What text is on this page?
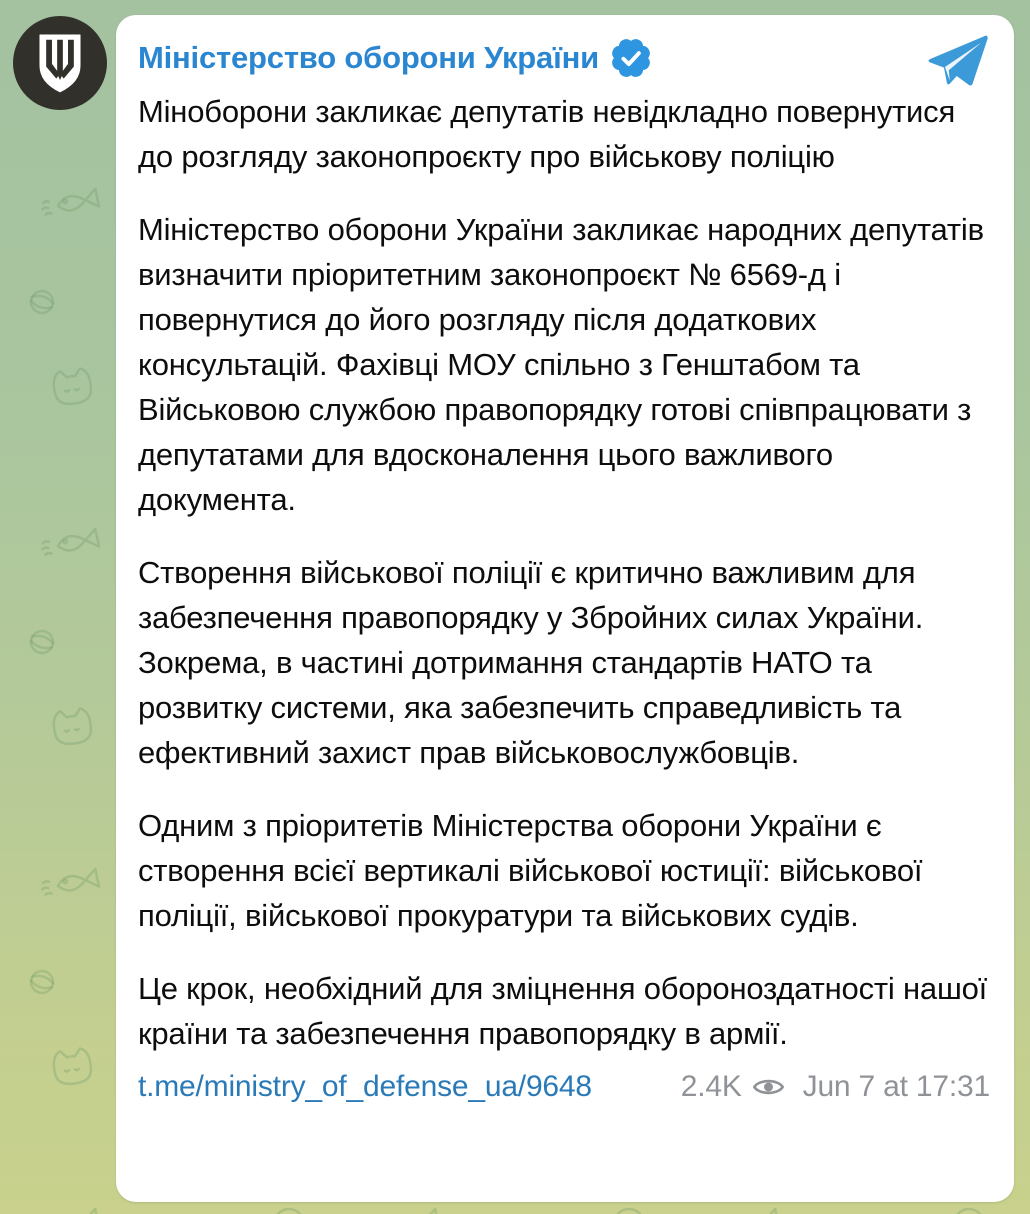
Міністерство оборони України

Міноборони закликає депутатів невідкладно повернутися до розгляду законопроєкту про військову поліцію

Міністерство оборони України закликає народних депутатів визначити пріоритетним законопроєкт № 6569-д і повернутися до його розгляду після додаткових консультацій. Фахівці МОУ спільно з Генштабом та Військовою службою правопорядку готові співпрацювати з депутатами для вдосконалення цього важливого документа.

Створення військової поліції є критично важливим для забезпечення правопорядку у Збройних силах України. Зокрема, в частині дотримання стандартів НАТО та розвитку системи, яка забезпечить справедливість та ефективний захист прав військовослужбовців.

Одним з пріоритетів Міністерства оборони України є створення всієї вертикалі військової юстиції: військової поліції, військової прокуратури та військових судів.

Це крок, необхідний для зміцнення обороноздатності нашої країни та забезпечення правопорядку в армії.

t.me/ministry_of_defense_ua/9648	2.4K Jun 7 at 17:31
